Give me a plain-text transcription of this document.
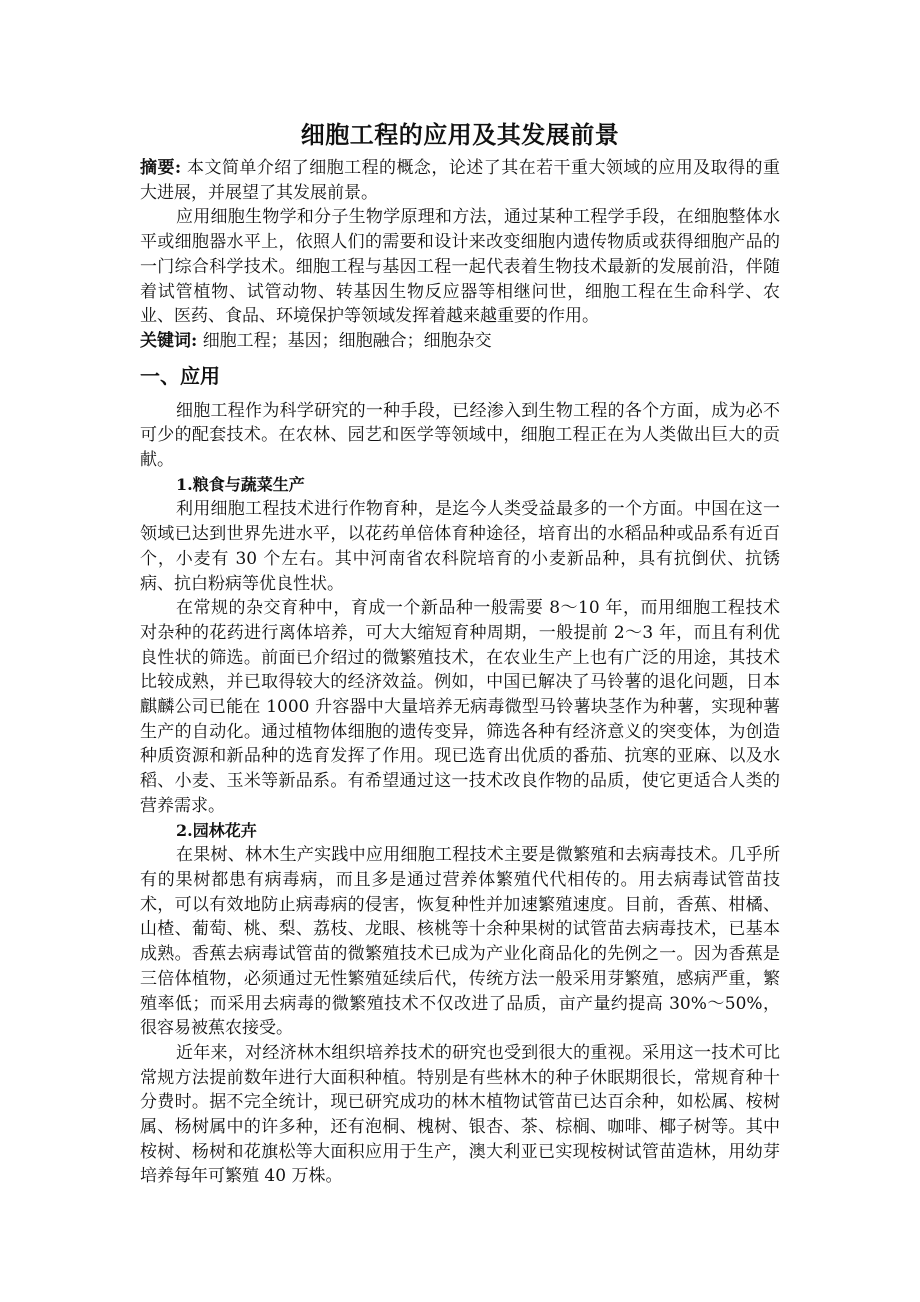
细胞工程的应用及其发展前景

摘要: 本文简单介绍了细胞工程的概念，论述了其在若干重大领域的应用及取得的重大进展，并展望了其发展前景。

应用细胞生物学和分子生物学原理和方法，通过某种工程学手段，在细胞整体水平或细胞器水平上，依照人们的需要和设计来改变细胞内遗传物质或获得细胞产品的一门综合科学技术。细胞工程与基因工程一起代表着生物技术最新的发展前沿，伴随着试管植物、试管动物、转基因生物反应器等相继问世，细胞工程在生命科学、农业、医药、食品、环境保护等领域发挥着越来越重要的作用。

关键词: 细胞工程；基因；细胞融合；细胞杂交

一、应用

细胞工程作为科学研究的一种手段，已经渗入到生物工程的各个方面，成为必不可少的配套技术。在农林、园艺和医学等领域中，细胞工程正在为人类做出巨大的贡献。

1.粮食与蔬菜生产

利用细胞工程技术进行作物育种，是迄今人类受益最多的一个方面。中国在这一领域已达到世界先进水平，以花药单倍体育种途径，培育出的水稻品种或品系有近百个，小麦有 30 个左右。其中河南省农科院培育的小麦新品种，具有抗倒伏、抗锈病、抗白粉病等优良性状。

在常规的杂交育种中，育成一个新品种一般需要 8～10 年，而用细胞工程技术对杂种的花药进行离体培养，可大大缩短育种周期，一般提前 2～3 年，而且有利优良性状的筛选。前面已介绍过的微繁殖技术，在农业生产上也有广泛的用途，其技术比较成熟，并已取得较大的经济效益。例如，中国已解决了马铃薯的退化问题，日本麒麟公司已能在 1000 升容器中大量培养无病毒微型马铃薯块茎作为种薯，实现种薯生产的自动化。通过植物体细胞的遗传变异，筛选各种有经济意义的突变体，为创造种质资源和新品种的选育发挥了作用。现已选育出优质的番茄、抗寒的亚麻、以及水稻、小麦、玉米等新品系。有希望通过这一技术改良作物的品质，使它更适合人类的营养需求。

2.园林花卉

在果树、林木生产实践中应用细胞工程技术主要是微繁殖和去病毒技术。几乎所有的果树都患有病毒病，而且多是通过营养体繁殖代代相传的。用去病毒试管苗技术，可以有效地防止病毒病的侵害，恢复种性并加速繁殖速度。目前，香蕉、柑橘、山楂、葡萄、桃、梨、荔枝、龙眼、核桃等十余种果树的试管苗去病毒技术，已基本成熟。香蕉去病毒试管苗的微繁殖技术已成为产业化商品化的先例之一。因为香蕉是三倍体植物，必须通过无性繁殖延续后代，传统方法一般采用芽繁殖，感病严重，繁殖率低；而采用去病毒的微繁殖技术不仅改进了品质，亩产量约提高 30%～50%，很容易被蕉农接受。

近年来，对经济林木组织培养技术的研究也受到很大的重视。采用这一技术可比常规方法提前数年进行大面积种植。特别是有些林木的种子休眠期很长，常规育种十分费时。据不完全统计，现已研究成功的林木植物试管苗已达百余种，如松属、桉树属、杨树属中的许多种，还有泡桐、槐树、银杏、茶、棕榈、咖啡、椰子树等。其中桉树、杨树和花旗松等大面积应用于生产，澳大利亚已实现桉树试管苗造林，用幼芽培养每年可繁殖 40 万株。
